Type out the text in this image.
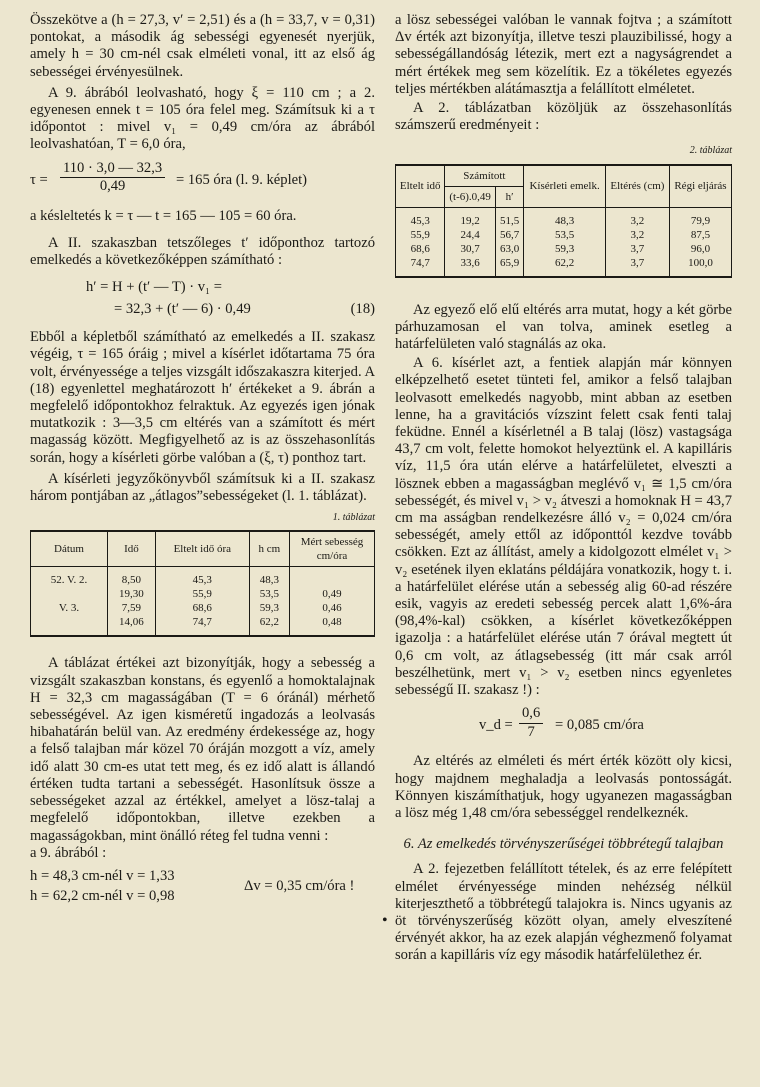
Összekötve a (h = 27,3, v′ = 2,51) és a (h = 33,7, v = 0,31) pontokat, a második ág sebességi egyenesét nyerjük, amely h = 30 cm-nél csak elméleti vonal, itt az első ág sebességei érvényesülnek.

A 9. ábrából leolvasható, hogy ξ = 110 cm ; a 2. egyenesen ennek t = 105 óra felel meg. Számítsuk ki a τ időpontot : mivel v₁ = 0,49 cm/óra az ábrából leolvashatóan, T = 6,0 óra,

$\tau = \frac{110 \cdot 3,0 — 32,3}{0,49} = 165$ óra (l. 9. képlet)

a késleltetés k = τ — t = 165 — 105 = 60 óra.

A II. szakaszban tetszőleges t′ időponthoz tartozó emelkedés a következőképpen számítható :

h′ = H + (t′ — T) · v₁ =
= 32,3 + (t′ — 6) · 0,49	(18)

Ebből a képletből számítható az emelkedés a II. szakasz végéig, τ = 165 óráig ; mivel a kísérlet időtartama 75 óra volt, érvényessége a teljes vizsgált időszakaszra kiterjed. A (18) egyenlettel meghatározott h′ értékeket a 9. ábrán a megfelelő időpontokhoz felraktuk. Az egyezés igen jónak mutatkozik : 3—3,5 cm eltérés van a számított és mért magasság között. Megfigyelhető az is az összehasonlítás során, hogy a kísérleti görbe valóban a (ξ, τ) ponthoz tart.

A kísérleti jegyzőkönyvből számítsuk ki a II. szakasz három pontjában az „átlagos”sebességeket (l. 1. táblázat).

1. táblázat
Dátum	Idő	Eltelt idő óra	h cm	Mért sebesség cm/óra
52. V. 2.	8,50	45,3	48,3	
	19,30	55,9	53,5	0,49
V. 3.	7,59	68,6	59,3	0,46
	14,06	74,7	62,2	0,48

A táblázat értékei azt bizonyítják, hogy a sebesség a vizsgált szakaszban konstans, és egyenlő a homoktalajnak H = 32,3 cm magasságában (T = 6 óránál) mérhető sebességével. Az igen kisméretű ingadozás a leolvasás hibahatárán belül van. Az eredmény érdekessége az, hogy a felső talajban már közel 70 óráján mozgott a víz, amely idő alatt 30 cm-es utat tett meg, és ez idő alatt is állandó értéken tudta tartani a sebességét. Hasonlítsuk össze a sebességeket azzal az értékkel, amelyet a lösz-talaj a megfelelő időpontokban, illetve ezekben a magasságokban, mint önálló réteg fel tudna venni :

a 9. ábrából :

h = 48,3 cm-nél v = 1,33
h = 62,2 cm-nél v = 0,98
Δv = 0,35 cm/óra !
•

a lösz sebességei valóban le vannak fojtva ; a számított Δv érték azt bizonyítja, illetve teszi plauzibilissé, hogy a sebességállandóság létezik, mert ezt a nagyságrendet a mért értékek meg sem közelítik. Ez a tökéletes egyezés teljes mértékben alátámasztja a felállított elméletet.

A 2. táblázatban közöljük az összehasonlítás számszerű eredményeit :

2. táblázat
Eltelt idő	Számított		Kísérleti emelk.	Eltérés (cm)	Régi eljárás
	(t-6).0,49	h′			
45,3	19,2	51,5	48,3	3,2	79,9
55,9	24,4	56,7	53,5	3,2	87,5
68,6	30,7	63,0	59,3	3,7	96,0
74,7	33,6	65,9	62,2	3,7	100,0

Az egyező elő elű eltérés arra mutat, hogy a két görbe párhuzamosan el van tolva, aminek esetleg a határfelületen való stagnálás az oka.

A 6. kísérlet azt, a fentiek alapján már könnyen elképzelhető esetet tünteti fel, amikor a felső talajban leolvasott emelkedés nagyobb, mint abban az esetben lenne, ha a gravitációs vízszint felett csak fenti talaj feküdne. Ennél a kísérletnél a B talaj (lösz) vastagsága 43,7 cm volt, felette homokot helyeztünk el. A kapilláris víz, 11,5 óra után elérve a határfelületet, elveszti a lösznek ebben a magasságban meglévő v₁ ≅ 1,5 cm/óra sebességét, és mivel v₁ > v₂ átveszi a homoknak H = 43,7 cm ma asságban rendelkezésre álló v₂ = 0,024 cm/óra sebességét, amely ettől az időponttól kezdve tovább csökken. Ezt az állítást, amely a kidolgozott elmélet v₁ > v₂ esetének ilyen eklatáns példájára vonatkozik, hogy t. i. a határfelület elérése után a sebesség alig 60-ad részére esik, vagyis az eredeti sebesség percek alatt 1,6%-ára (98,4%-kal) csökken, a kísérlet következőképpen igazolja : a határfelület elérése után 7 órával megtett út 0,6 cm volt, az átlagsebesség (itt már csak arról beszélhetünk, mert v₁ > v₂ esetben nincs egyenletes sebességű II. szakasz !) :

v_d = $\frac{0,6}{7} = 0,085$ cm/óra

Az eltérés az elméleti és mért érték között oly kicsi, hogy majdnem meghaladja a leolvasás pontosságát. Könnyen kiszámíthatjuk, hogy ugyanezen magasságban a lösz még 1,48 cm/óra sebességgel rendelkeznék.

6. Az emelkedés törvényszerűségei többrétegű talajban

A 2. fejezetben felállított tételek, és az erre felépített elmélet érvényessége minden nehézség nélkül kiterjeszthető a többrétegű talajokra is. Nincs ugyanis az öt törvényszerűség között olyan, amely elveszítené érvényét akkor, ha az ezek alapján véghezmenő folyamat során a kapilláris víz egy második határfelülethez ér.
